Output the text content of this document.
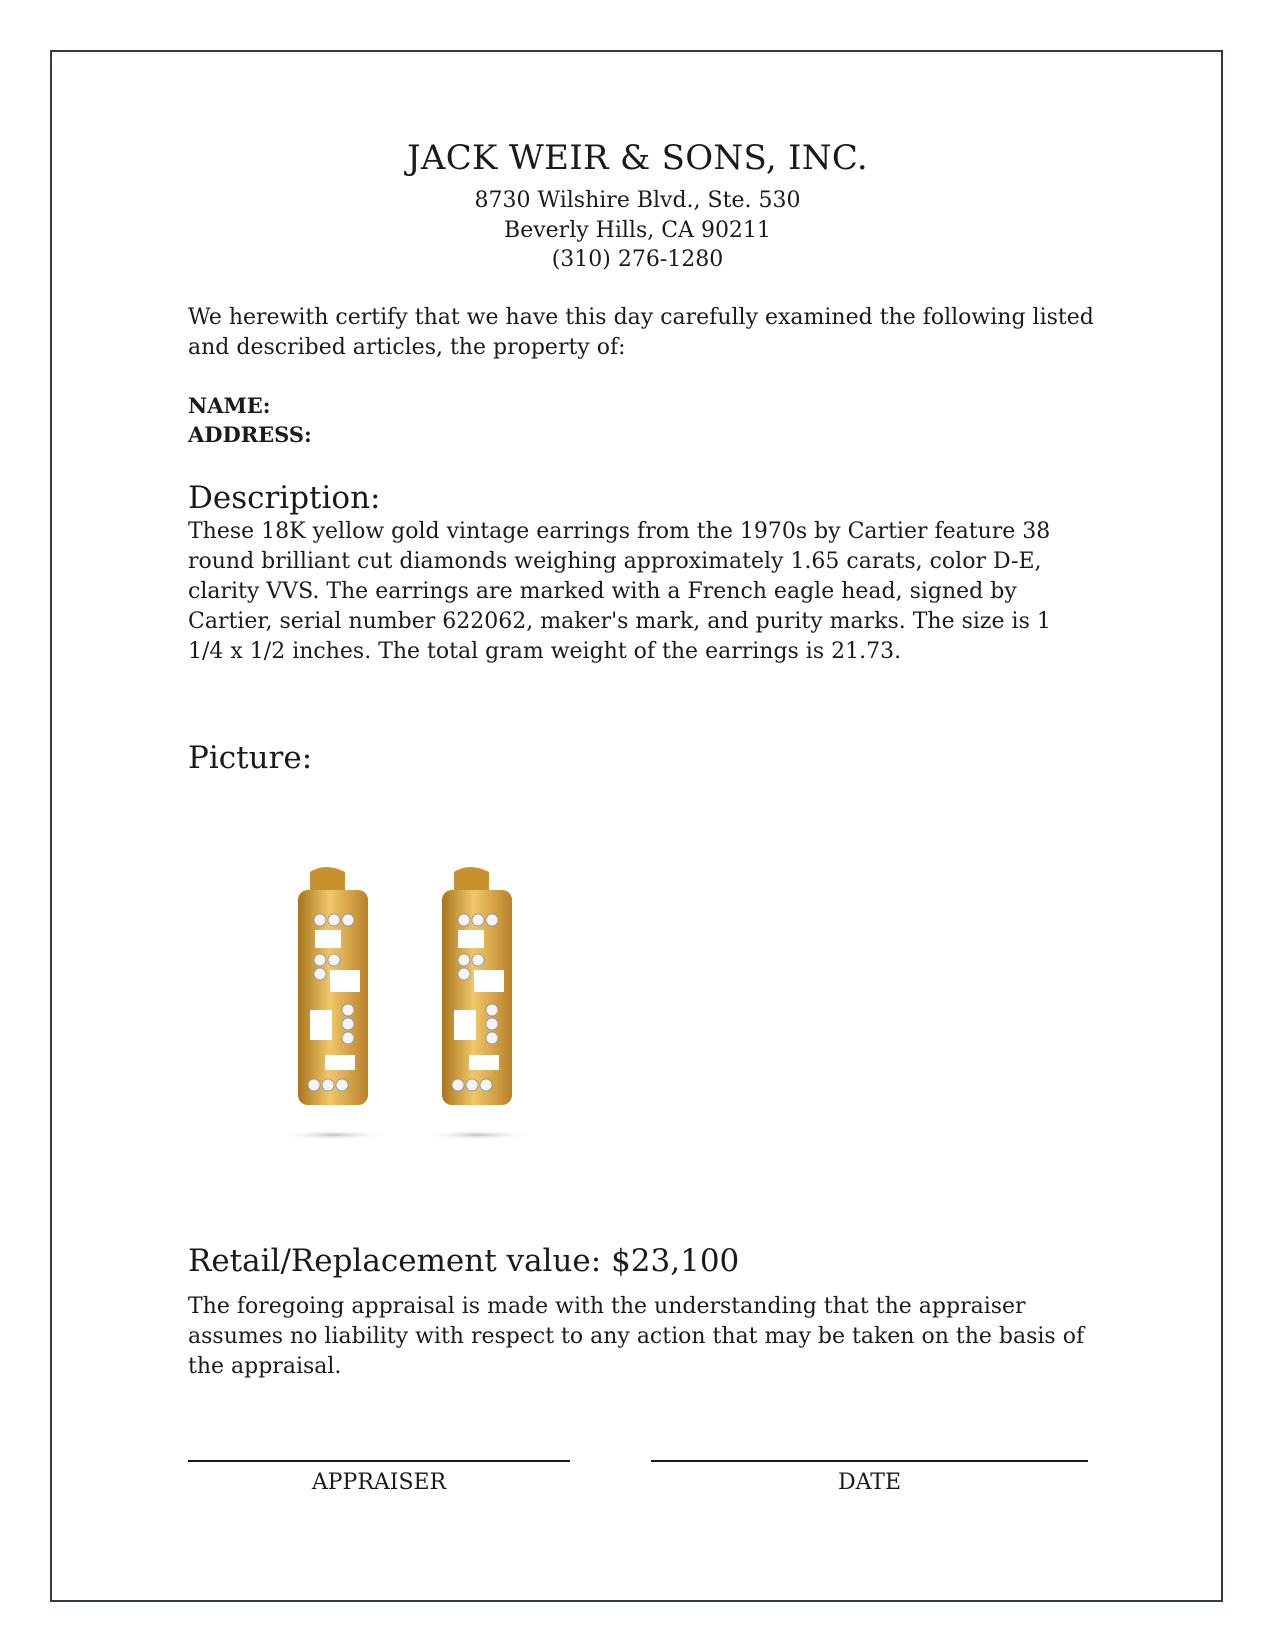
JACK WEIR & SONS, INC.
8730 Wilshire Blvd., Ste. 530
Beverly Hills, CA 90211
(310) 276-1280
We herewith certify that we have this day carefully examined the following listed and described articles, the property of:
NAME:
ADDRESS:
Description:
These 18K yellow gold vintage earrings from the 1970s by Cartier feature 38 round brilliant cut diamonds weighing approximately 1.65 carats, color D-E, clarity VVS. The earrings are marked with a French eagle head, signed by Cartier, serial number 622062, maker's mark, and purity marks. The size is 1 1/4 x 1/2 inches. The total gram weight of the earrings is 21.73.
Picture:
Retail/Replacement value: $23,100
The foregoing appraisal is made with the understanding that the appraiser assumes no liability with respect to any action that may be taken on the basis of the appraisal.
APPRAISER	DATE
